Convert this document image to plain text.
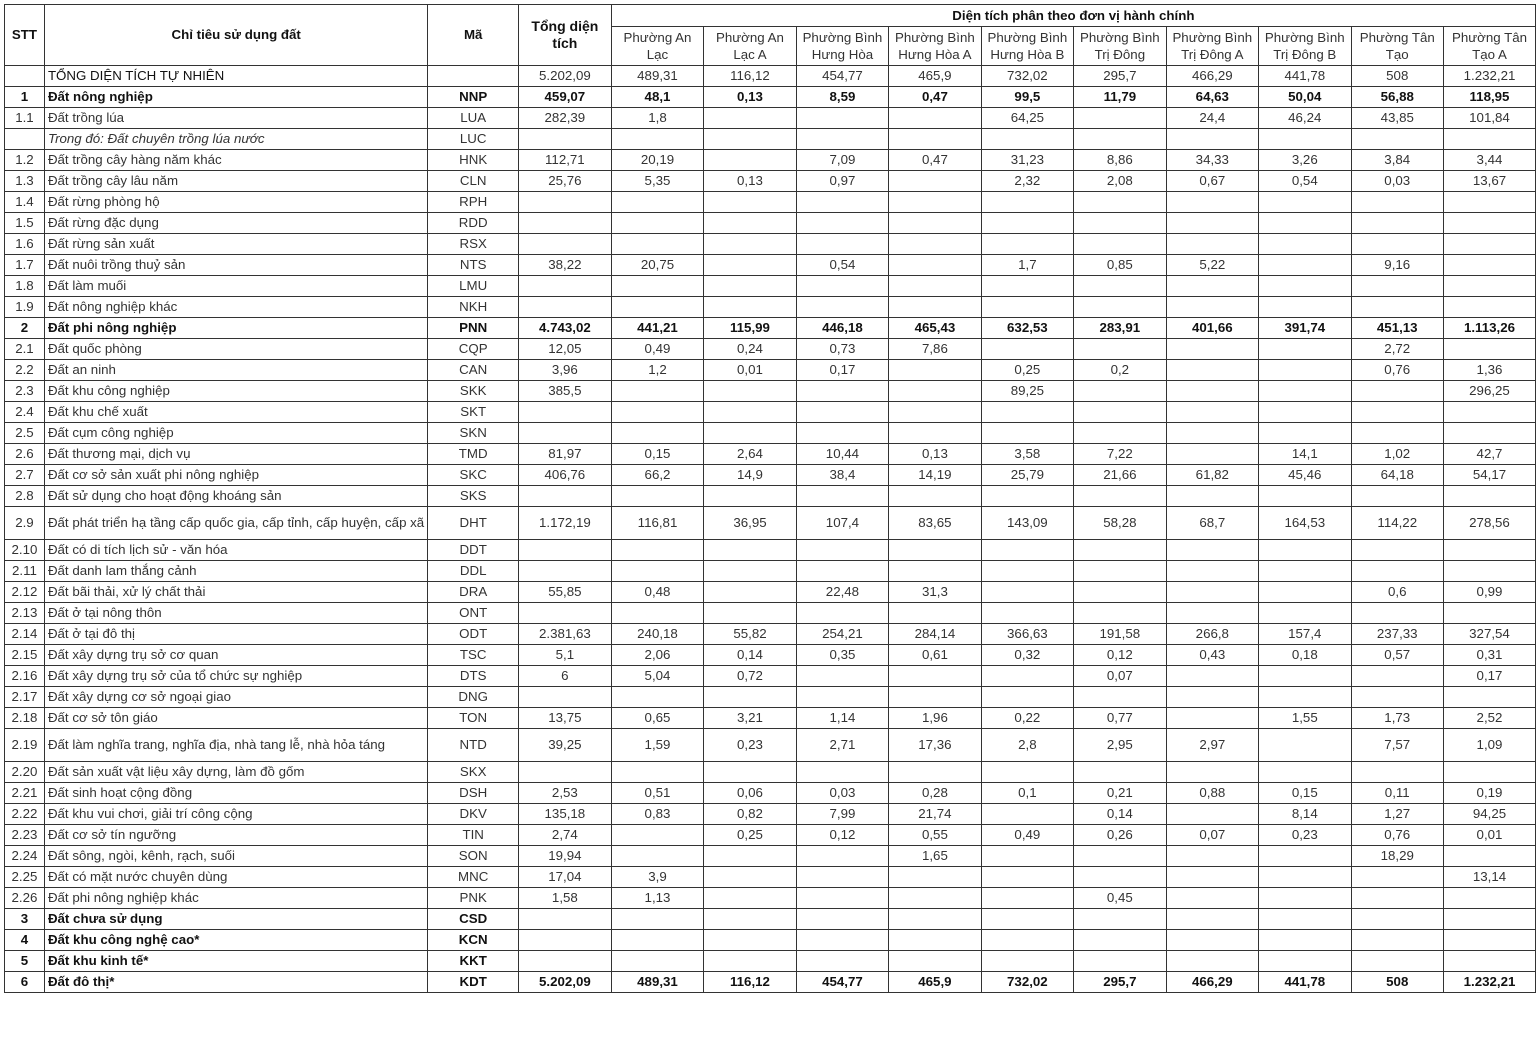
STT	Chỉ tiêu sử dụng đất	Mã	Tổng diện tích	Diện tích phân theo đơn vị hành chính									
				Phường An Lạc	Phường An Lạc A	Phường Bình Hưng Hòa	Phường Bình Hưng Hòa A	Phường Bình Hưng Hòa B	Phường Bình Trị Đông	Phường Bình Trị Đông A	Phường Bình Trị Đông B	Phường Tân Tạo	Phường Tân Tạo A
	TỔNG DIỆN TÍCH TỰ NHIÊN		5.202,09	489,31	116,12	454,77	465,9	732,02	295,7	466,29	441,78	508	1.232,21
1	Đất nông nghiệp	NNP	459,07	48,1	0,13	8,59	0,47	99,5	11,79	64,63	50,04	56,88	118,95
1.1	Đất trồng lúa	LUA	282,39	1,8				64,25		24,4	46,24	43,85	101,84
	Trong đó: Đất chuyên trồng lúa nước	LUC											
1.2	Đất trồng cây hàng năm khác	HNK	112,71	20,19		7,09	0,47	31,23	8,86	34,33	3,26	3,84	3,44
1.3	Đất trồng cây lâu năm	CLN	25,76	5,35	0,13	0,97		2,32	2,08	0,67	0,54	0,03	13,67
1.4	Đất rừng phòng hộ	RPH											
1.5	Đất rừng đặc dụng	RDD											
1.6	Đất rừng sản xuất	RSX											
1.7	Đất nuôi trồng thuỷ sản	NTS	38,22	20,75		0,54		1,7	0,85	5,22		9,16	
1.8	Đất làm muối	LMU											
1.9	Đất nông nghiệp khác	NKH											
2	Đất phi nông nghiệp	PNN	4.743,02	441,21	115,99	446,18	465,43	632,53	283,91	401,66	391,74	451,13	1.113,26
2.1	Đất quốc phòng	CQP	12,05	0,49	0,24	0,73	7,86					2,72	
2.2	Đất an ninh	CAN	3,96	1,2	0,01	0,17		0,25	0,2			0,76	1,36
2.3	Đất khu công nghiệp	SKK	385,5					89,25					296,25
2.4	Đất khu chế xuất	SKT											
2.5	Đất cụm công nghiệp	SKN											
2.6	Đất thương mại, dịch vụ	TMD	81,97	0,15	2,64	10,44	0,13	3,58	7,22		14,1	1,02	42,7
2.7	Đất cơ sở sản xuất phi nông nghiệp	SKC	406,76	66,2	14,9	38,4	14,19	25,79	21,66	61,82	45,46	64,18	54,17
2.8	Đất sử dụng cho hoạt động khoáng sản	SKS											
2.9	Đất phát triển hạ tầng cấp quốc gia, cấp tỉnh, cấp huyện, cấp xã	DHT	1.172,19	116,81	36,95	107,4	83,65	143,09	58,28	68,7	164,53	114,22	278,56
2.10	Đất có di tích lịch sử - văn hóa	DDT											
2.11	Đất danh lam thắng cảnh	DDL											
2.12	Đất bãi thải, xử lý chất thải	DRA	55,85	0,48		22,48	31,3					0,6	0,99
2.13	Đất ở tại nông thôn	ONT											
2.14	Đất ở tại đô thị	ODT	2.381,63	240,18	55,82	254,21	284,14	366,63	191,58	266,8	157,4	237,33	327,54
2.15	Đất xây dựng trụ sở cơ quan	TSC	5,1	2,06	0,14	0,35	0,61	0,32	0,12	0,43	0,18	0,57	0,31
2.16	Đất xây dựng trụ sở của tổ chức sự nghiệp	DTS	6	5,04	0,72				0,07				0,17
2.17	Đất xây dựng cơ sở ngoại giao	DNG											
2.18	Đất cơ sở tôn giáo	TON	13,75	0,65	3,21	1,14	1,96	0,22	0,77		1,55	1,73	2,52
2.19	Đất làm nghĩa trang, nghĩa địa, nhà tang lễ, nhà hỏa táng	NTD	39,25	1,59	0,23	2,71	17,36	2,8	2,95	2,97		7,57	1,09
2.20	Đất sản xuất vật liệu xây dựng, làm đồ gốm	SKX											
2.21	Đất sinh hoạt cộng đồng	DSH	2,53	0,51	0,06	0,03	0,28	0,1	0,21	0,88	0,15	0,11	0,19
2.22	Đất khu vui chơi, giải trí công cộng	DKV	135,18	0,83	0,82	7,99	21,74		0,14		8,14	1,27	94,25
2.23	Đất cơ sở tín ngưỡng	TIN	2,74		0,25	0,12	0,55	0,49	0,26	0,07	0,23	0,76	0,01
2.24	Đất sông, ngòi, kênh, rạch, suối	SON	19,94				1,65					18,29	
2.25	Đất có mặt nước chuyên dùng	MNC	17,04	3,9									13,14
2.26	Đất phi nông nghiệp khác	PNK	1,58	1,13					0,45				
3	Đất chưa sử dụng	CSD											
4	Đất khu công nghệ cao*	KCN											
5	Đất khu kinh tế*	KKT											
6	Đất đô thị*	KDT	5.202,09	489,31	116,12	454,77	465,9	732,02	295,7	466,29	441,78	508	1.232,21
